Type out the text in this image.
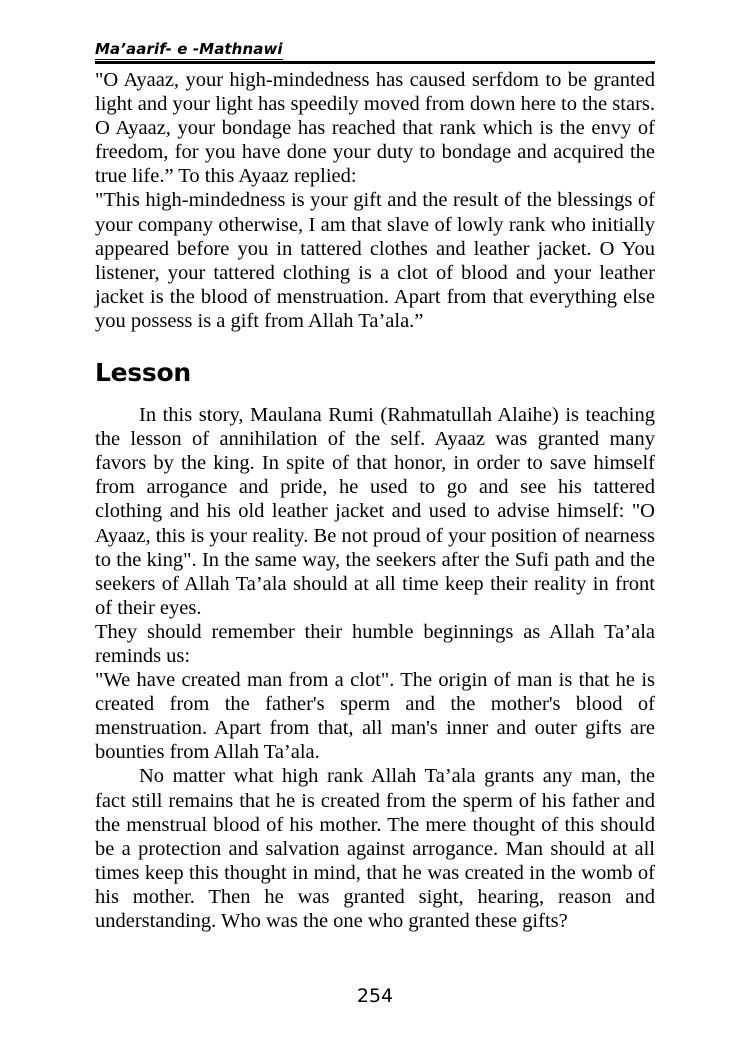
Ma’aarif- e -Mathnawi

"O Ayaaz, your high-mindedness has caused serfdom to be granted light and your light has speedily moved from down here to the stars. O Ayaaz, your bondage has reached that rank which is the envy of freedom, for you have done your duty to bondage and acquired the true life.” To this Ayaaz replied:

"This high-mindedness is your gift and the result of the blessings of your company otherwise, I am that slave of lowly rank who initially appeared before you in tattered clothes and leather jacket. O You listener, your tattered clothing is a clot of blood and your leather jacket is the blood of menstruation. Apart from that everything else you possess is a gift from Allah Ta’ala.”

Lesson

In this story, Maulana Rumi (Rahmatullah Alaihe) is teaching the lesson of annihilation of the self. Ayaaz was granted many favors by the king. In spite of that honor, in order to save himself from arrogance and pride, he used to go and see his tattered clothing and his old leather jacket and used to advise himself: "O Ayaaz, this is your reality. Be not proud of your position of nearness to the king". In the same way, the seekers after the Sufi path and the seekers of Allah Ta’ala should at all time keep their reality in front of their eyes.

They should remember their humble beginnings as Allah Ta’ala reminds us:

"We have created man from a clot". The origin of man is that he is created from the father's sperm and the mother's blood of menstruation. Apart from that, all man's inner and outer gifts are bounties from Allah Ta’ala.

No matter what high rank Allah Ta’ala grants any man, the fact still remains that he is created from the sperm of his father and the menstrual blood of his mother. The mere thought of this should be a protection and salvation against arrogance. Man should at all times keep this thought in mind, that he was created in the womb of his mother. Then he was granted sight, hearing, reason and understanding. Who was the one who granted these gifts?

254
